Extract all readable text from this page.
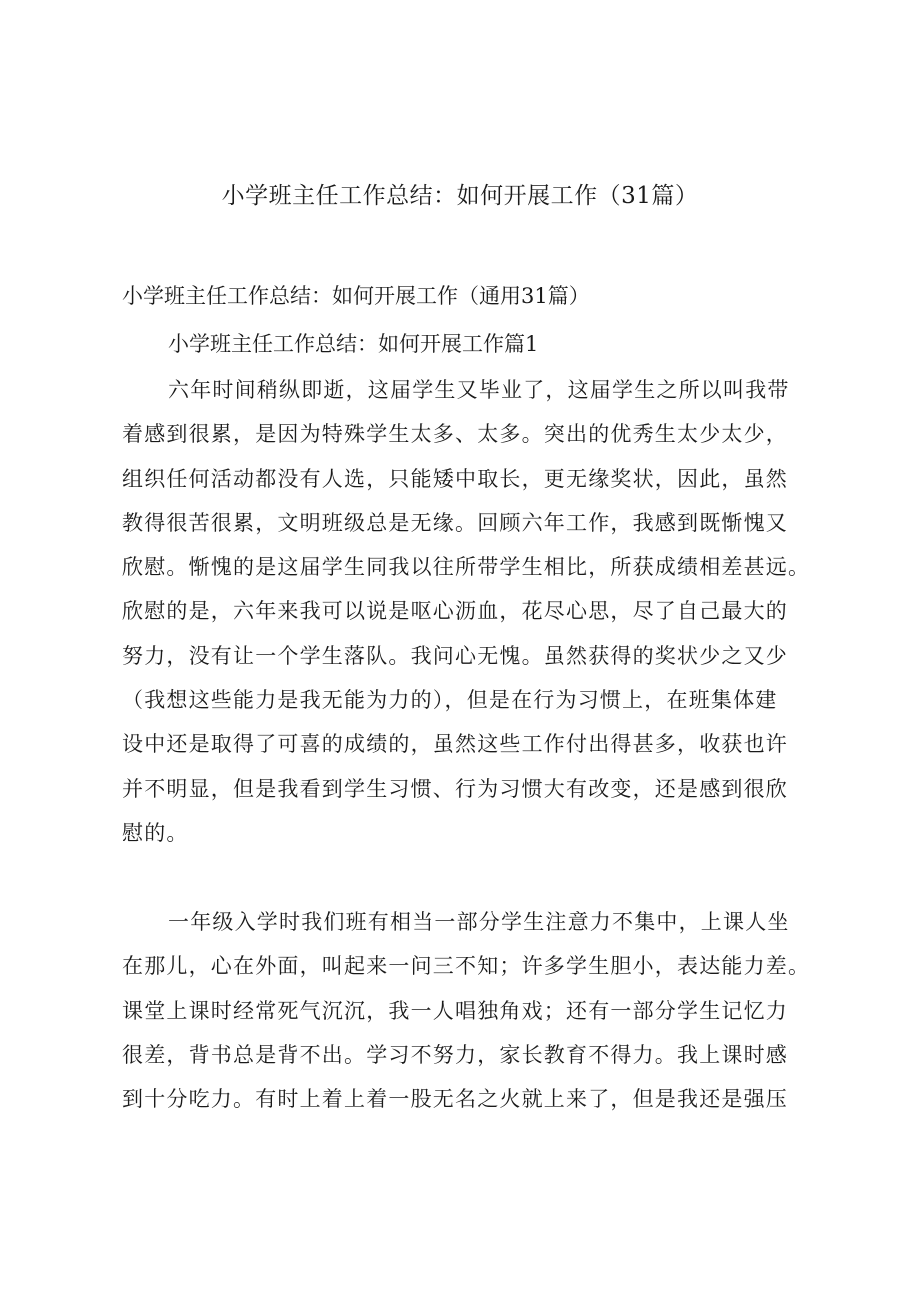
小学班主任工作总结：如何开展工作（31篇）

小学班主任工作总结：如何开展工作（通用31篇）

小学班主任工作总结：如何开展工作篇1

六年时间稍纵即逝，这届学生又毕业了，这届学生之所以叫我带
着感到很累，是因为特殊学生太多、太多。突出的优秀生太少太少，
组织任何活动都没有人选，只能矮中取长，更无缘奖状，因此，虽然
教得很苦很累，文明班级总是无缘。回顾六年工作，我感到既惭愧又
欣慰。惭愧的是这届学生同我以往所带学生相比，所获成绩相差甚远。
欣慰的是，六年来我可以说是呕心沥血，花尽心思，尽了自己最大的
努力，没有让一个学生落队。我问心无愧。虽然获得的奖状少之又少
（我想这些能力是我无能为力的），但是在行为习惯上，在班集体建
设中还是取得了可喜的成绩的，虽然这些工作付出得甚多，收获也许
并不明显，但是我看到学生习惯、行为习惯大有改变，还是感到很欣
慰的。
一年级入学时我们班有相当一部分学生注意力不集中，上课人坐
在那儿，心在外面，叫起来一问三不知；许多学生胆小，表达能力差。
课堂上课时经常死气沉沉，我一人唱独角戏；还有一部分学生记忆力
很差，背书总是背不出。学习不努力，家长教育不得力。我上课时感
到十分吃力。有时上着上着一股无名之火就上来了，但是我还是强压
